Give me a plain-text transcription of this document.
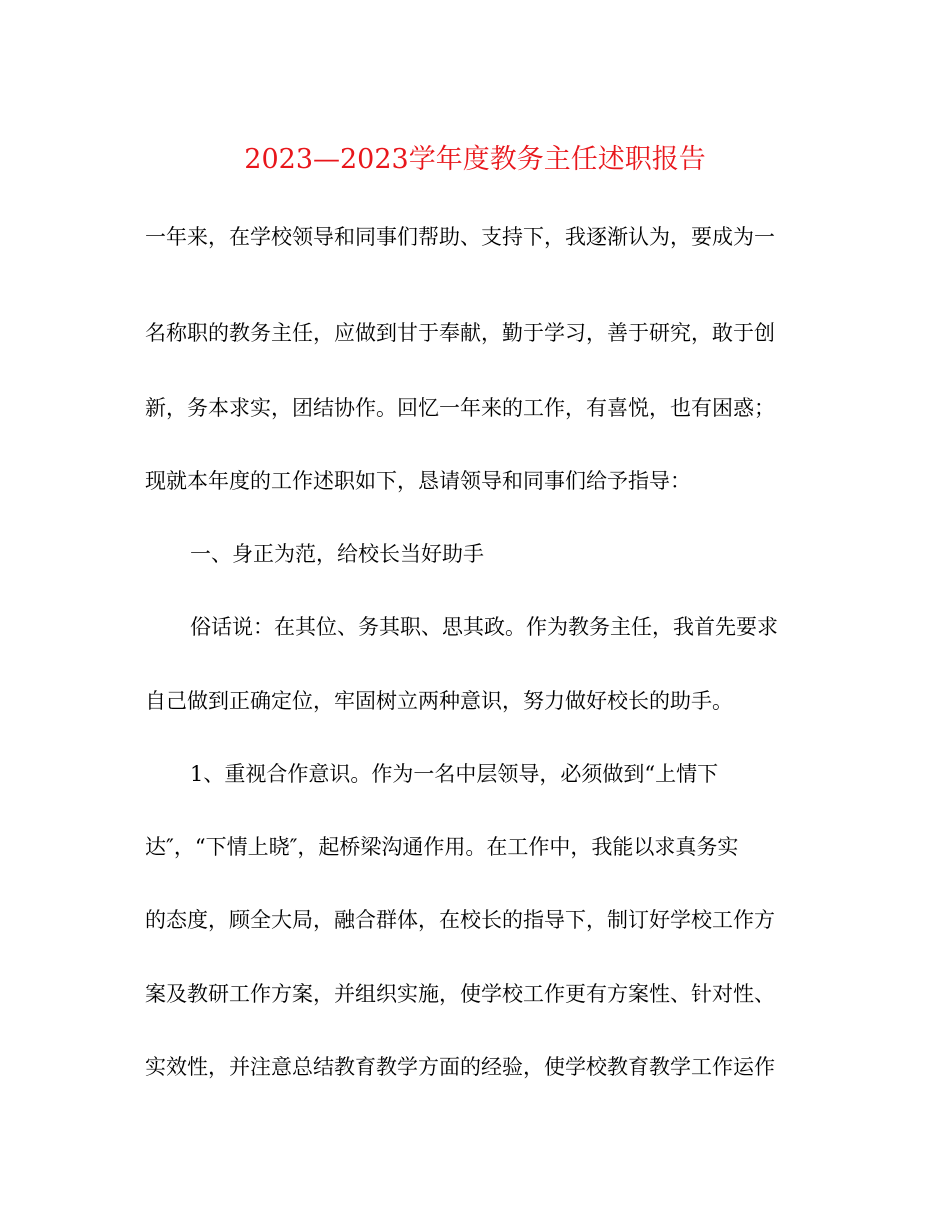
2023—2023学年度教务主任述职报告
一年来，在学校领导和同事们帮助、支持下，我逐渐认为，要成为一
名称职的教务主任，应做到甘于奉献，勤于学习，善于研究，敢于创
新，务本求实，团结协作。回忆一年来的工作，有喜悦，也有困惑；
现就本年度的工作述职如下，恳请领导和同事们给予指导：
一、身正为范，给校长当好助手
俗话说：在其位、务其职、思其政。作为教务主任，我首先要求
自己做到正确定位，牢固树立两种意识，努力做好校长的助手。
1、重视合作意识。作为一名中层领导，必须做到“上情下
达″，“下情上晓″，起桥梁沟通作用。在工作中，我能以求真务实
的态度，顾全大局，融合群体，在校长的指导下，制订好学校工作方
案及教研工作方案，并组织实施，使学校工作更有方案性、针对性、
实效性，并注意总结教育教学方面的经验，使学校教育教学工作运作
